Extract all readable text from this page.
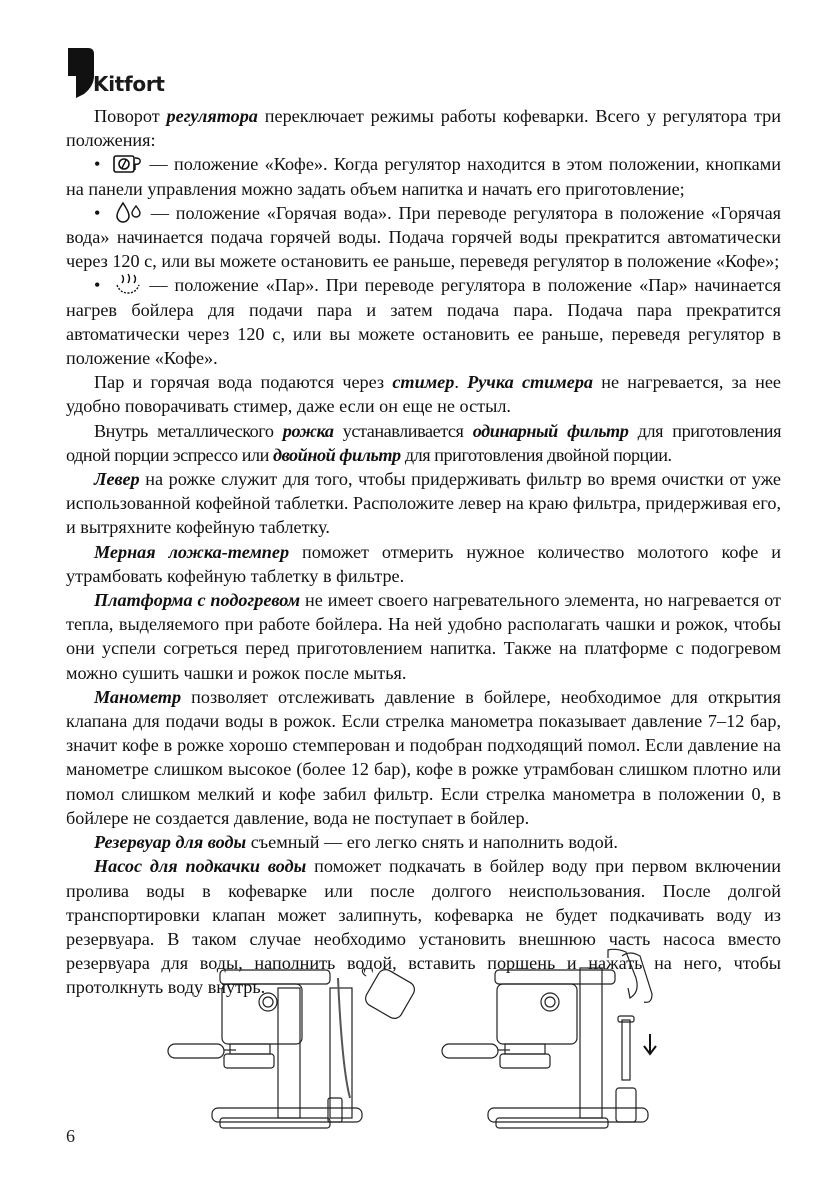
Kitfort

Поворот регулятора переключает режимы работы кофеварки. Всего у регулятора три положения:

•   — положение «Кофе». Когда регулятор находится в этом положении, кнопками на панели управления можно задать объем напитка и начать его приготовление;

•   — положение «Горячая вода». При переводе регулятора в положение «Горячая вода» начинается подача горячей воды. Подача горячей воды прекратится автоматически через 120 с, или вы можете остановить ее раньше, переведя регулятор в положение «Кофе»;

•   — положение «Пар». При переводе регулятора в положение «Пар» начинается нагрев бойлера для подачи пара и затем подача пара. Подача пара прекратится автоматически через 120 с, или вы можете остановить ее раньше, переведя регулятор в положение «Кофе».

Пар и горячая вода подаются через стимер. Ручка стимера не нагревается, за нее удобно поворачивать стимер, даже если он еще не остыл.

Внутрь металлического рожка устанавливается одинарный фильтр для приготовления одной порции эспрессо или двойной фильтр для приготовления двойной порции.

Левер на рожке служит для того, чтобы придерживать фильтр во время очистки от уже использованной кофейной таблетки. Расположите левер на краю фильтра, придерживая его, и вытряхните кофейную таблетку.

Мерная ложка-темпер поможет отмерить нужное количество молотого кофе и утрамбовать кофейную таблетку в фильтре.

Платформа с подогревом не имеет своего нагревательного элемента, но нагревается от тепла, выделяемого при работе бойлера. На ней удобно располагать чашки и рожок, чтобы они успели согреться перед приготовлением напитка. Также на платформе с подогревом можно сушить чашки и рожок после мытья.

Манометр позволяет отслеживать давление в бойлере, необходимое для открытия клапана для подачи воды в рожок. Если стрелка манометра показывает давление 7–12 бар, значит кофе в рожке хорошо стемперован и подобран подходящий помол. Если давление на манометре слишком высокое (более 12 бар), кофе в рожке утрамбован слишком плотно или помол слишком мелкий и кофе забил фильтр. Если стрелка манометра в положении 0, в бойлере не создается давление, вода не поступает в бойлер.

Резервуар для воды съемный — его легко снять и наполнить водой.

Насос для подкачки воды поможет подкачать в бойлер воду при первом включении пролива воды в кофеварке или после долгого неиспользования. После долгой транспортировки клапан может залипнуть, кофеварка не будет подкачивать воду из резервуара. В таком случае необходимо установить внешнюю часть насоса вместо резервуара для воды, наполнить водой, вставить поршень и нажать на него, чтобы протолкнуть воду внутрь.

6
